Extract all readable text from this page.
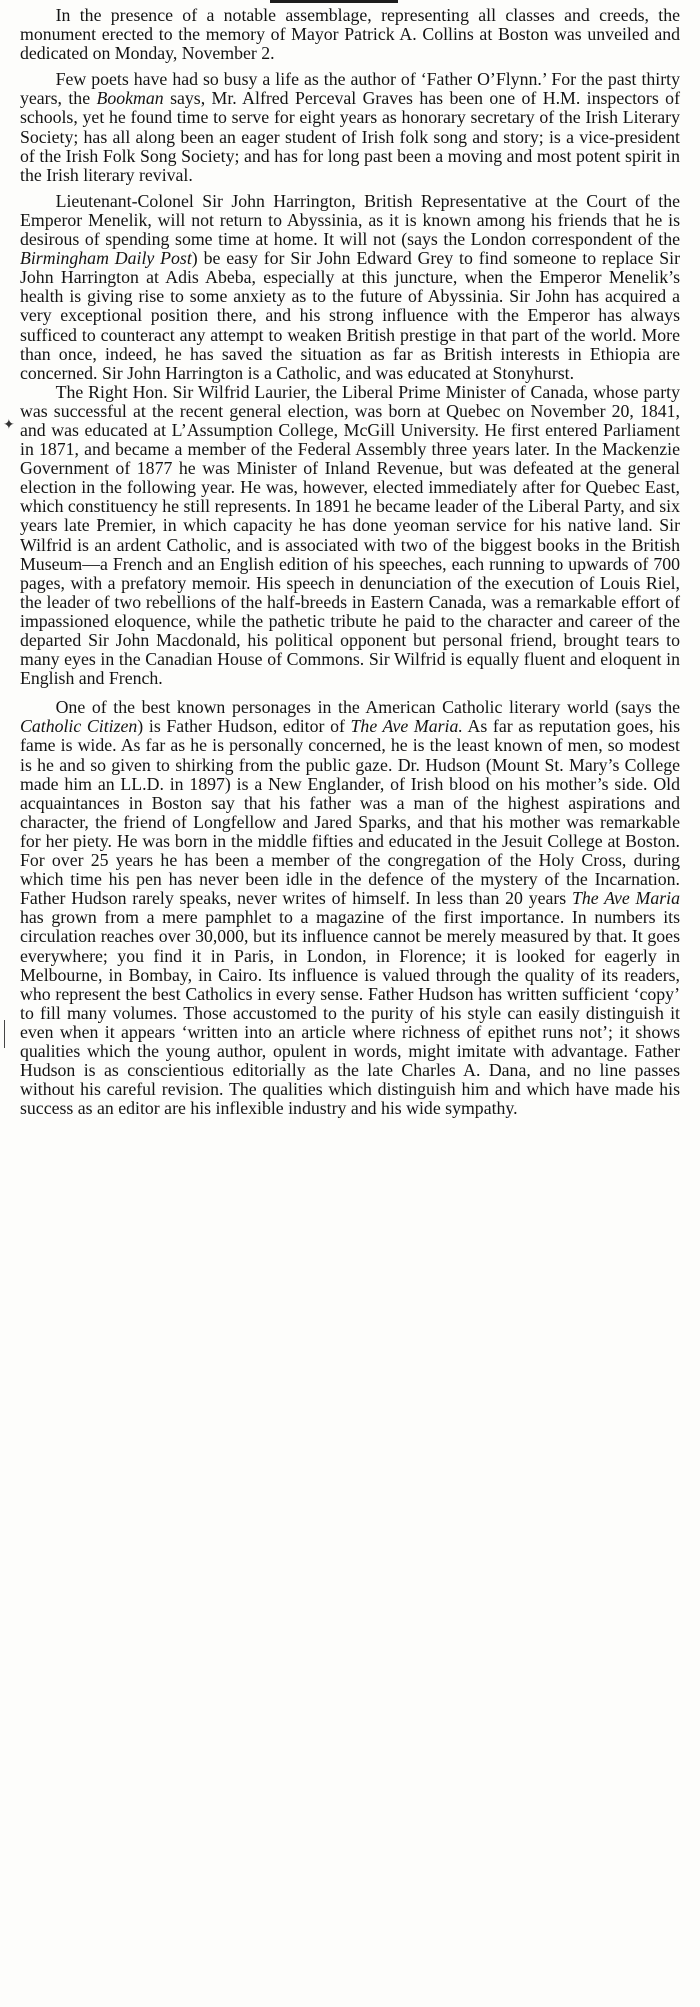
✦

In the presence of a notable assemblage, representing all classes and creeds, the monument erected to the memory of Mayor Patrick A. Collins at Boston was unveiled and dedicated on Monday, November 2.

Few poets have had so busy a life as the author of ‘Father O’Flynn.’ For the past thirty years, the Bookman says, Mr. Alfred Perceval Graves has been one of H.M. inspectors of schools, yet he found time to serve for eight years as honorary secretary of the Irish Literary Society; has all along been an eager student of Irish folk song and story; is a vice-president of the Irish Folk Song Society; and has for long past been a moving and most potent spirit in the Irish literary revival.

Lieutenant-Colonel Sir John Harrington, British Representative at the Court of the Emperor Menelik, will not return to Abyssinia, as it is known among his friends that he is desirous of spending some time at home. It will not (says the London correspondent of the Birmingham Daily Post) be easy for Sir John Edward Grey to find someone to replace Sir John Harrington at Adis Abeba, especially at this juncture, when the Emperor Menelik’s health is giving rise to some anxiety as to the future of Abyssinia. Sir John has acquired a very exceptional position there, and his strong influence with the Emperor has always sufficed to counteract any attempt to weaken British prestige in that part of the world. More than once, indeed, he has saved the situation as far as British interests in Ethiopia are concerned. Sir John Harrington is a Catholic, and was educated at Stonyhurst.

The Right Hon. Sir Wilfrid Laurier, the Liberal Prime Minister of Canada, whose party was successful at the recent general election, was born at Quebec on November 20, 1841, and was educated at L’Assumption College, McGill University. He first entered Parliament in 1871, and became a member of the Federal Assembly three years later. In the Mackenzie Government of 1877 he was Minister of Inland Revenue, but was defeated at the general election in the following year. He was, however, elected immediately after for Quebec East, which constituency he still represents. In 1891 he became leader of the Liberal Party, and six years late Premier, in which capacity he has done yeoman service for his native land. Sir Wilfrid is an ardent Catholic, and is associated with two of the biggest books in the British Museum—a French and an English edition of his speeches, each running to upwards of 700 pages, with a prefatory memoir. His speech in denunciation of the execution of Louis Riel, the leader of two rebellions of the half-breeds in Eastern Canada, was a remarkable effort of impassioned eloquence, while the pathetic tribute he paid to the character and career of the departed Sir John Macdonald, his political opponent but personal friend, brought tears to many eyes in the Canadian House of Commons. Sir Wilfrid is equally fluent and eloquent in English and French.

One of the best known personages in the American Catholic literary world (says the Catholic Citizen) is Father Hudson, editor of The Ave Maria. As far as reputation goes, his fame is wide. As far as he is personally concerned, he is the least known of men, so modest is he and so given to shirking from the public gaze. Dr. Hudson (Mount St. Mary’s College made him an LL.D. in 1897) is a New Englander, of Irish blood on his mother’s side. Old acquaintances in Boston say that his father was a man of the highest aspirations and character, the friend of Longfellow and Jared Sparks, and that his mother was remarkable for her piety. He was born in the middle fifties and educated in the Jesuit College at Boston. For over 25 years he has been a member of the congregation of the Holy Cross, during which time his pen has never been idle in the defence of the mystery of the Incarnation. Father Hudson rarely speaks, never writes of himself. In less than 20 years The Ave Maria has grown from a mere pamphlet to a magazine of the first importance. In numbers its circulation reaches over 30,000, but its influence cannot be merely measured by that. It goes everywhere; you find it in Paris, in London, in Florence; it is looked for eagerly in Melbourne, in Bombay, in Cairo. Its influence is valued through the quality of its readers, who represent the best Catholics in every sense. Father Hudson has written sufficient ‘copy’ to fill many volumes. Those accustomed to the purity of his style can easily distinguish it even when it appears ‘written into an article where richness of epithet runs not’; it shows qualities which the young author, opulent in words, might imitate with advantage. Father Hudson is as conscientious editorially as the late Charles A. Dana, and no line passes without his careful revision. The qualities which distinguish him and which have made his success as an editor are his inflexible industry and his wide sympathy.
